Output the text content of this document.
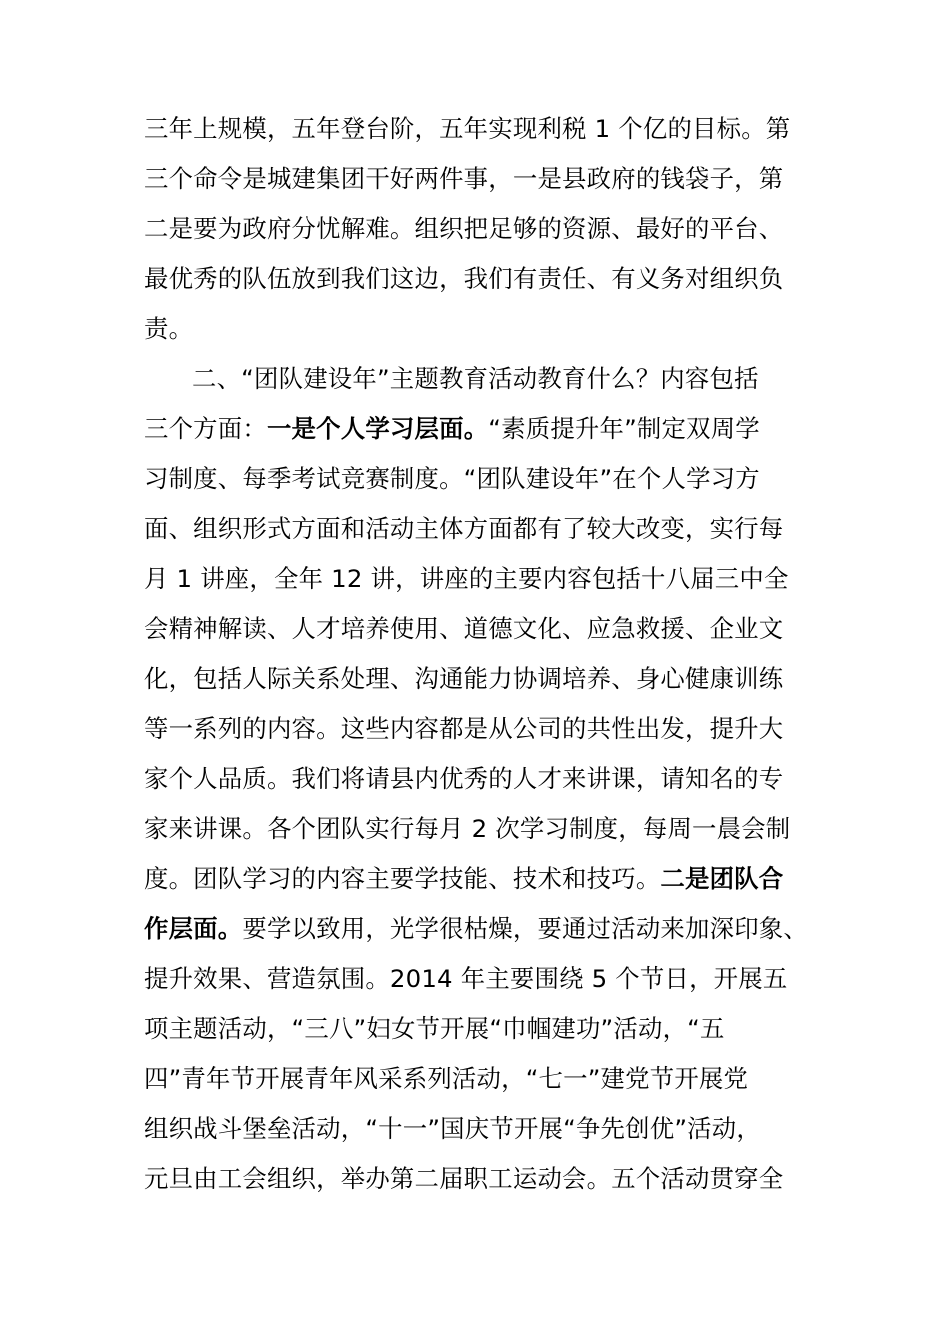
三年上规模，五年登台阶，五年实现利税 1 个亿的目标。第
三个命令是城建集团干好两件事，一是县政府的钱袋子，第
二是要为政府分忧解难。组织把足够的资源、最好的平台、
最优秀的队伍放到我们这边，我们有责任、有义务对组织负
责。
二、“团队建设年”主题教育活动教育什么？内容包括
三个方面：一是个人学习层面。“素质提升年”制定双周学
习制度、每季考试竞赛制度。“团队建设年”在个人学习方
面、组织形式方面和活动主体方面都有了较大改变，实行每
月 1 讲座，全年 12 讲，讲座的主要内容包括十八届三中全
会精神解读、人才培养使用、道德文化、应急救援、企业文
化，包括人际关系处理、沟通能力协调培养、身心健康训练
等一系列的内容。这些内容都是从公司的共性出发，提升大
家个人品质。我们将请县内优秀的人才来讲课，请知名的专
家来讲课。各个团队实行每月 2 次学习制度，每周一晨会制
度。团队学习的内容主要学技能、技术和技巧。二是团队合
作层面。要学以致用，光学很枯燥，要通过活动来加深印象、
提升效果、营造氛围。2014 年主要围绕 5 个节日，开展五
项主题活动，“三八”妇女节开展“巾帼建功”活动，“五
四”青年节开展青年风采系列活动，“七一”建党节开展党
组织战斗堡垒活动，“十一”国庆节开展“争先创优”活动，
元旦由工会组织，举办第二届职工运动会。五个活动贯穿全
